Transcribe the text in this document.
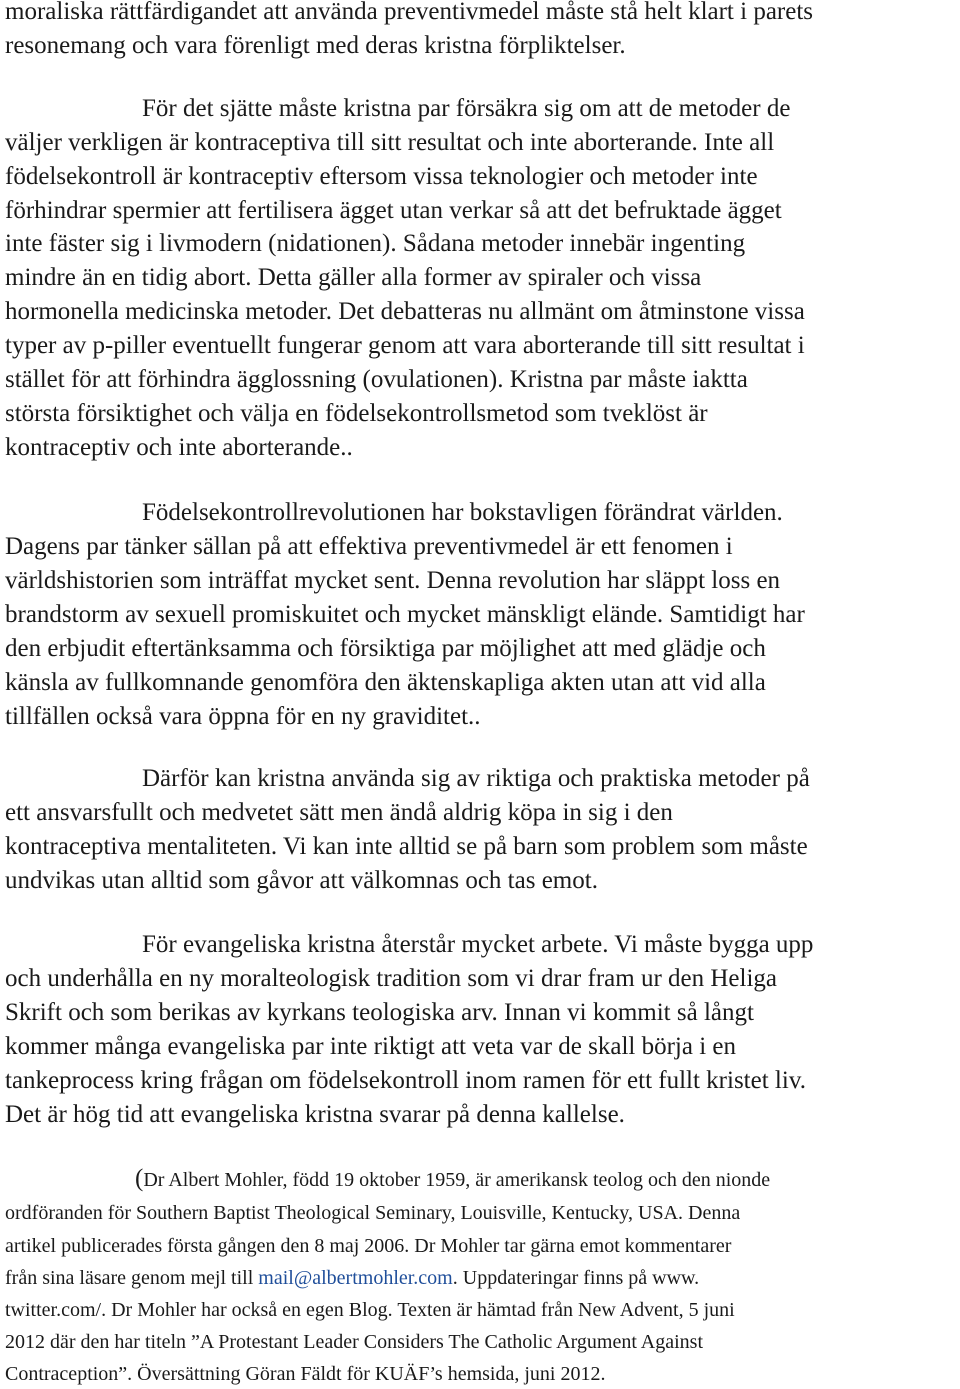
moraliska rättfärdigandet att använda preventivmedel måste stå helt klart i parets
resonemang och vara förenligt med deras kristna förpliktelser.
För det sjätte måste kristna par försäkra sig om att de metoder de
väljer verkligen är kontraceptiva till sitt resultat och inte aborterande. Inte all
födelsekontroll är kontraceptiv eftersom vissa teknologier och metoder inte
förhindrar spermier att fertilisera ägget utan verkar så att det befruktade ägget
inte fäster sig i livmodern (nidationen). Sådana metoder innebär ingenting
mindre än en tidig abort. Detta gäller alla former av spiraler och vissa
hormonella medicinska metoder. Det debatteras nu allmänt om åtminstone vissa
typer av p-piller eventuellt fungerar genom att vara aborterande till sitt resultat i
stället för att förhindra ägglossning (ovulationen). Kristna par måste iaktta
största försiktighet och välja en födelsekontrollsmetod som tveklöst är
kontraceptiv och inte aborterande..
Födelsekontrollrevolutionen har bokstavligen förändrat världen.
Dagens par tänker sällan på att effektiva preventivmedel är ett fenomen i
världshistorien som inträffat mycket sent. Denna revolution har släppt loss en
brandstorm av sexuell promiskuitet och mycket mänskligt elände. Samtidigt har
den erbjudit eftertänksamma och försiktiga par möjlighet att med glädje och
känsla av fullkomnande genomföra den äktenskapliga akten utan att vid alla
tillfällen också vara öppna för en ny graviditet..
Därför kan kristna använda sig av riktiga och praktiska metoder på
ett ansvarsfullt och medvetet sätt men ändå aldrig köpa in sig i den
kontraceptiva mentaliteten. Vi kan inte alltid se på barn som problem som måste
undvikas utan alltid som gåvor att välkomnas och tas emot.
För evangeliska kristna återstår mycket arbete. Vi måste bygga upp
och underhålla en ny moralteologisk tradition som vi drar fram ur den Heliga
Skrift och som berikas av kyrkans teologiska arv. Innan vi kommit så långt
kommer många evangeliska par inte riktigt att veta var de skall börja i en
tankeprocess kring frågan om födelsekontroll inom ramen för ett fullt kristet liv.
Det är hög tid att evangeliska kristna svarar på denna kallelse.
(Dr Albert Mohler, född 19 oktober 1959, är amerikansk teolog och den nionde
ordföranden för Southern Baptist Theological Seminary, Louisville, Kentucky, USA. Denna
artikel publicerades första gången den 8 maj 2006. Dr Mohler tar gärna emot kommentarer
från sina läsare genom mejl till mail@albertmohler.com. Uppdateringar finns på www.
twitter.com/. Dr Mohler har också en egen Blog. Texten är hämtad från New Advent, 5 juni
2012 där den har titeln ”A Protestant Leader Considers The Catholic Argument Against
Contraception”. Översättning Göran Fäldt för KUÄF’s hemsida, juni 2012.
